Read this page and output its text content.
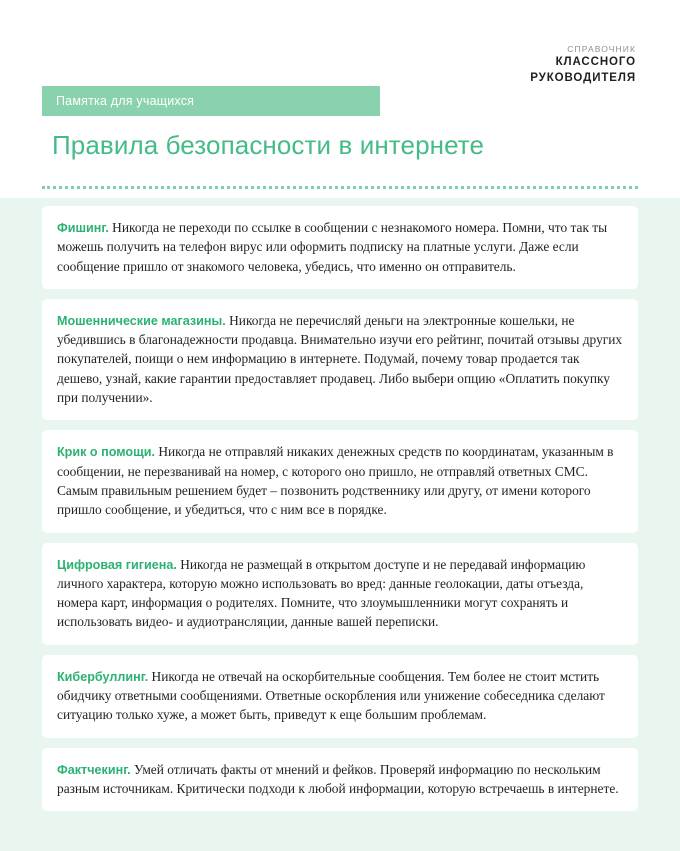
СПРАВОЧНИК
КЛАССНОГО
РУКОВОДИТЕЛЯ
Памятка для учащихся
Правила безопасности в интернете

Фишинг. Никогда не переходи по ссылке в сообщении с незнакомого номера. Помни, что так ты можешь получить на телефон вирус или оформить подписку на платные услуги. Даже если сообщение пришло от знакомого человека, убедись, что именно он отправитель.

Мошеннические магазины. Никогда не перечисляй деньги на электронные кошельки, не убедившись в благонадежности продавца. Внимательно изучи его рейтинг, почитай отзывы других покупателей, поищи о нем информацию в интернете. Подумай, почему товар продается так дешево, узнай, какие гарантии предоставляет продавец. Либо выбери опцию «Оплатить покупку при получении».

Крик о помощи. Никогда не отправляй никаких денежных средств по координатам, указанным в сообщении, не перезванивай на номер, с которого оно пришло, не отправляй ответных СМС. Самым правильным решением будет – позвонить родственнику или другу, от имени которого пришло сообщение, и убедиться, что с ним все в порядке.

Цифровая гигиена. Никогда не размещай в открытом доступе и не передавай информацию личного характера, которую можно использовать во вред: данные геолокации, даты отъезда, номера карт, информация о родителях. Помните, что злоумышленники могут сохранять и использовать видео- и аудиотрансляции, данные вашей переписки.

Кибербуллинг. Никогда не отвечай на оскорбительные сообщения. Тем более не стоит мстить обидчику ответными сообщениями. Ответные оскорбления или унижение собеседника сделают ситуацию только хуже, а может быть, приведут к еще большим проблемам.

Фактчекинг. Умей отличать факты от мнений и фейков. Проверяй информацию по нескольким разным источникам. Критически подходи к любой информации, которую встречаешь в интернете.
